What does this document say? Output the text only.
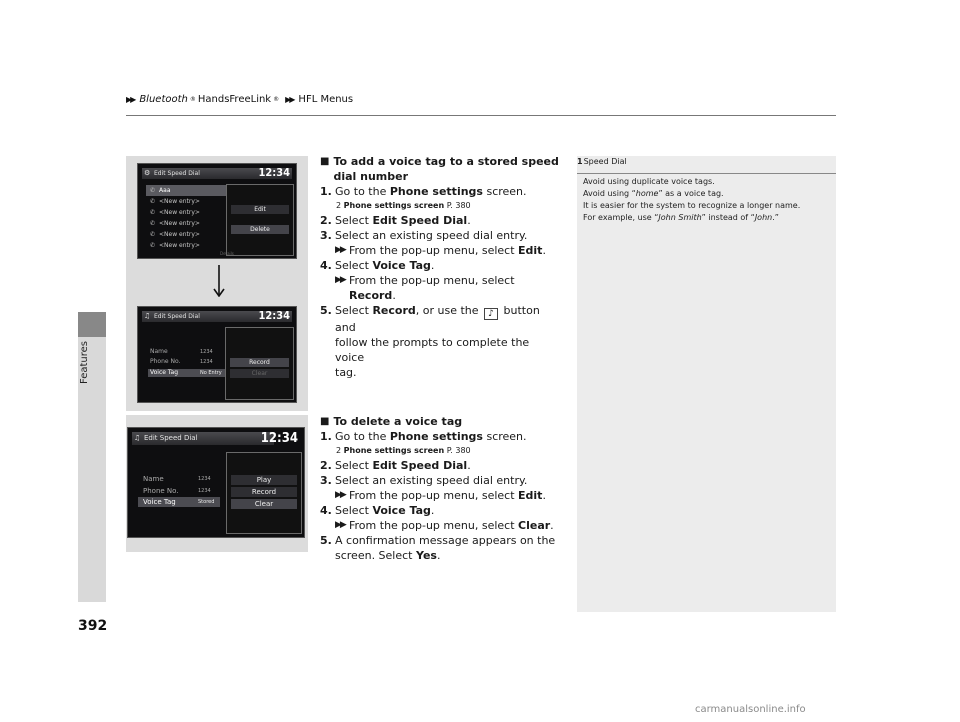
▶▶ Bluetooth ® HandsFreeLink ® ▶▶ HFL Menus
Features
392
⚙ Edit Speed Dial	12:34
✆ Aaa
✆ <New entry>
✆ <New entry>
✆ <New entry>
✆ <New entry>
✆ <New entry>
Edit
Delete
Details
♫ Edit Speed Dial	12:34
Name	1234
Phone No.	1234
Voice Tag	No Entry
Record
Clear
♫ Edit Speed Dial	12:34
Name	1234
Phone No.	1234
Voice Tag	Stored
Play
Record
Clear
■ To add a voice tag to a stored speed
dial number
1. Go to the Phone settings screen.
2 Phone settings screen P. 380
2. Select Edit Speed Dial.
3. Select an existing speed dial entry.
▶▶ From the pop-up menu, select Edit.
4. Select Voice Tag.
▶▶ From the pop-up menu, select Record.
5. Select Record, or use the ♪ button and
follow the prompts to complete the voice
tag.
■ To delete a voice tag
1. Go to the Phone settings screen.
2 Phone settings screen P. 380
2. Select Edit Speed Dial.
3. Select an existing speed dial entry.
▶▶ From the pop-up menu, select Edit.
4. Select Voice Tag.
▶▶ From the pop-up menu, select Clear.
5. A confirmation message appears on the
screen. Select Yes.
1 Speed Dial
Avoid using duplicate voice tags.
Avoid using “home” as a voice tag.
It is easier for the system to recognize a longer name.
For example, use “John Smith” instead of “John.”
carmanualsonline.info
